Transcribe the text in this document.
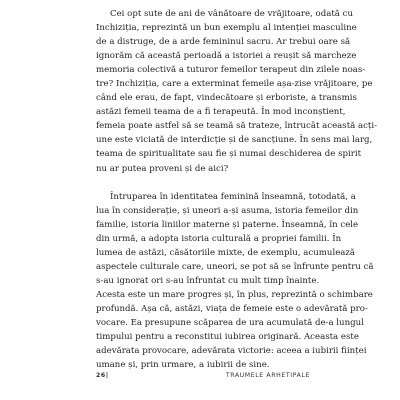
Cei opt sute de ani de vânătoare de vrăjitoare, odată cu
Inchiziția, reprezintă un bun exemplu al intenției masculine
de a distruge, de a arde femininul sacru. Ar trebui oare să
ignorăm că această perioadă a istoriei a reușit să marcheze
memoria colectivă a tuturor femeilor terapeut din zilele noas-
tre? Inchiziția, care a exterminat femeile așa-zise vrăjitoare, pe
când ele erau, de fapt, vindecătoare și erboriste, a transmis
astăzi femeii teama de a fi terapeută. În mod inconștient,
femeia poate astfel să se teamă să trateze, întrucât această acți-
une este viciată de interdicție și de sancțiune. În sens mai larg,
teama de spiritualitate sau fie și numai deschiderea de spirit
nu ar putea proveni și de aici?
Întruparea în identitatea feminină înseamnă, totodată, a
lua în considerație, și uneori a-și asuma, istoria femeilor din
familie, istoria liniilor materne și paterne. Înseamnă, în cele
din urmă, a adopta istoria culturală a propriei familii. În
lumea de astăzi, căsătoriile mixte, de exemplu, acumulează
aspectele culturale care, uneori, se pot să se înfrunte pentru că
s-au ignorat ori s-au înfruntat cu mult timp înainte.
Acesta este un mare progres și, în plus, reprezintă o schimbare
profundă. Așa că, astăzi, viața de femeie este o adevărată pro-
vocare. Ea presupune scăparea de ura acumulată de-a lungul
timpului pentru a reconstitui iubirea originară. Aceasta este
adevărata provocare, adevărata victorie: aceea a iubirii ființei
umane și, prin urmare, a iubirii de sine.
26|	TRAUMELE ARHETIPALE
